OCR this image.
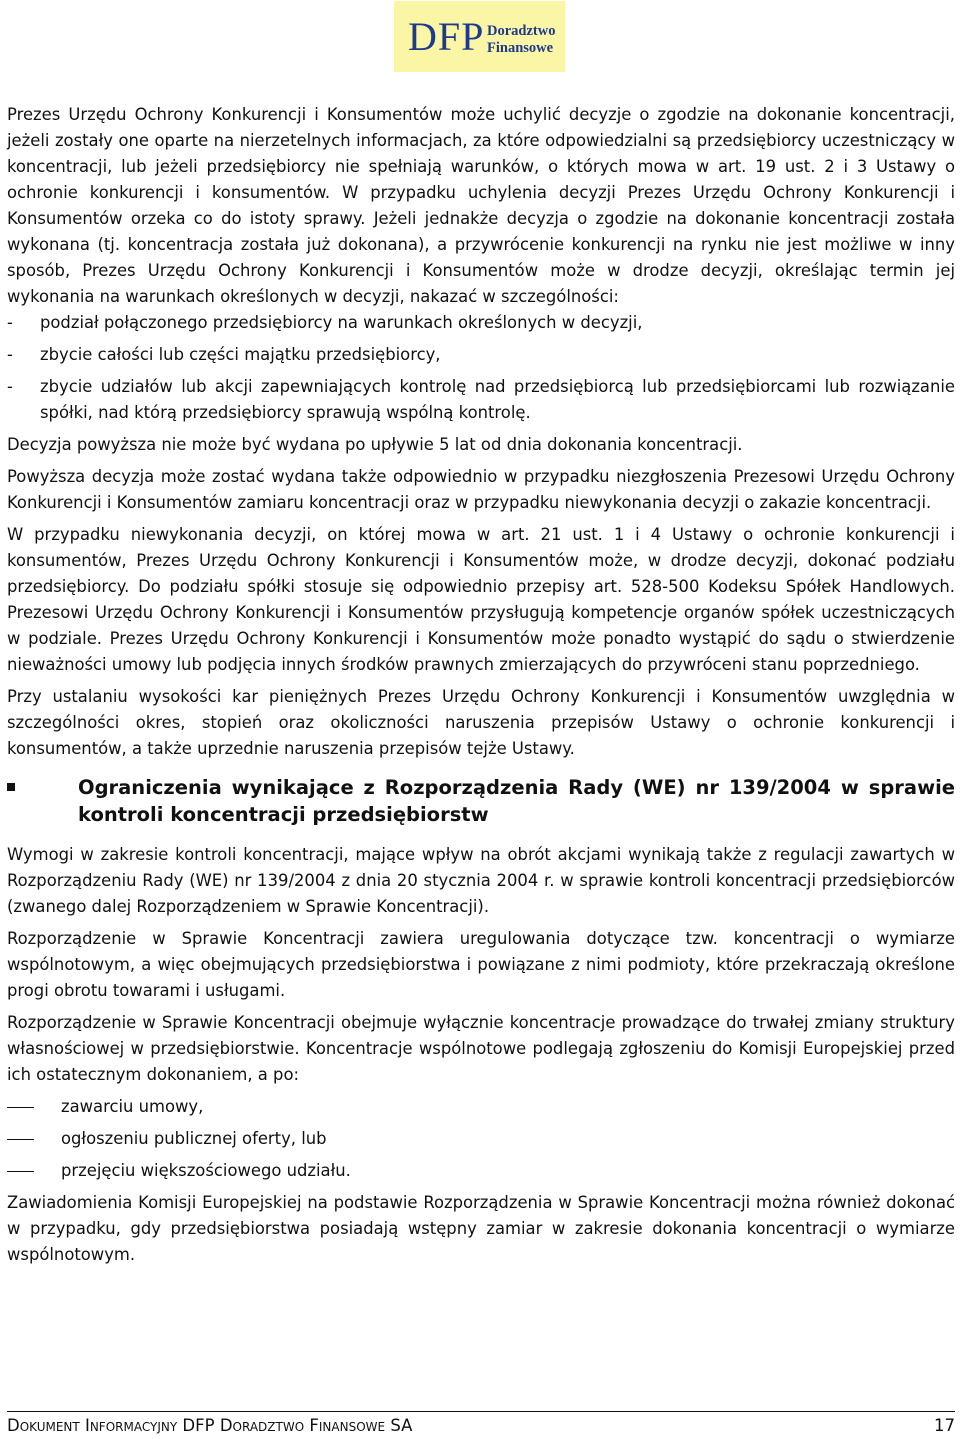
DFP Doradztwo
Finansowe

Prezes Urzędu Ochrony Konkurencji i Konsumentów może uchylić decyzje o zgodzie na dokonanie koncentracji, jeżeli zostały one oparte na nierzetelnych informacjach, za które odpowiedzialni są przedsiębiorcy uczestniczący w koncentracji, lub jeżeli przedsiębiorcy nie spełniają warunków, o których mowa w art. 19 ust. 2 i 3 Ustawy o ochronie konkurencji i konsumentów. W przypadku uchylenia decyzji Prezes Urzędu Ochrony Konkurencji i Konsumentów orzeka co do istoty sprawy. Jeżeli jednakże decyzja o zgodzie na dokonanie koncentracji została wykonana (tj. koncentracja została już dokonana), a przywrócenie konkurencji na rynku nie jest możliwe w inny sposób, Prezes Urzędu Ochrony Konkurencji i Konsumentów może w drodze decyzji, określając termin jej wykonania na warunkach określonych w decyzji, nakazać w szczególności:

-	podział połączonego przedsiębiorcy na warunkach określonych w decyzji,
-	zbycie całości lub części majątku przedsiębiorcy,
-	zbycie udziałów lub akcji zapewniających kontrolę nad przedsiębiorcą lub przedsiębiorcami lub rozwiązanie spółki, nad którą przedsiębiorcy sprawują wspólną kontrolę.

Decyzja powyższa nie może być wydana po upływie 5 lat od dnia dokonania koncentracji.

Powyższa decyzja może zostać wydana także odpowiednio w przypadku niezgłoszenia Prezesowi Urzędu Ochrony Konkurencji i Konsumentów zamiaru koncentracji oraz w przypadku niewykonania decyzji o zakazie koncentracji.

W przypadku niewykonania decyzji, on której mowa w art. 21 ust. 1 i 4 Ustawy o ochronie konkurencji i konsumentów, Prezes Urzędu Ochrony Konkurencji i Konsumentów może, w drodze decyzji, dokonać podziału przedsiębiorcy. Do podziału spółki stosuje się odpowiednio przepisy art. 528-500 Kodeksu Spółek Handlowych. Prezesowi Urzędu Ochrony Konkurencji i Konsumentów przysługują kompetencje organów spółek uczestniczących w podziale. Prezes Urzędu Ochrony Konkurencji i Konsumentów może ponadto wystąpić do sądu o stwierdzenie nieważności umowy lub podjęcia innych środków prawnych zmierzających do przywróceni stanu poprzedniego.

Przy ustalaniu wysokości kar pieniężnych Prezes Urzędu Ochrony Konkurencji i Konsumentów uwzględnia w szczególności okres, stopień oraz okoliczności naruszenia przepisów Ustawy o ochronie konkurencji i konsumentów, a także uprzednie naruszenia przepisów tejże Ustawy.

Ograniczenia wynikające z Rozporządzenia Rady (WE) nr 139/2004 w sprawie kontroli koncentracji przedsiębiorstw

Wymogi w zakresie kontroli koncentracji, mające wpływ na obrót akcjami wynikają także z regulacji zawartych w Rozporządzeniu Rady (WE) nr 139/2004 z dnia 20 stycznia 2004 r. w sprawie kontroli koncentracji przedsiębiorców (zwanego dalej Rozporządzeniem w Sprawie Koncentracji).

Rozporządzenie w Sprawie Koncentracji zawiera uregulowania dotyczące tzw. koncentracji o wymiarze wspólnotowym, a więc obejmujących przedsiębiorstwa i powiązane z nimi podmioty, które przekraczają określone progi obrotu towarami i usługami.

Rozporządzenie w Sprawie Koncentracji obejmuje wyłącznie koncentracje prowadzące do trwałej zmiany struktury własnościowej w przedsiębiorstwie. Koncentracje wspólnotowe podlegają zgłoszeniu do Komisji Europejskiej przed ich ostatecznym dokonaniem, a po:

zawarciu umowy,
ogłoszeniu publicznej oferty, lub
przejęciu większościowego udziału.

Zawiadomienia Komisji Europejskiej na podstawie Rozporządzenia w Sprawie Koncentracji można również dokonać w przypadku, gdy przedsiębiorstwa posiadają wstępny zamiar w zakresie dokonania koncentracji o wymiarze wspólnotowym.

Dokument Informacyjny DFP Doradztwo Finansowe SA	17
